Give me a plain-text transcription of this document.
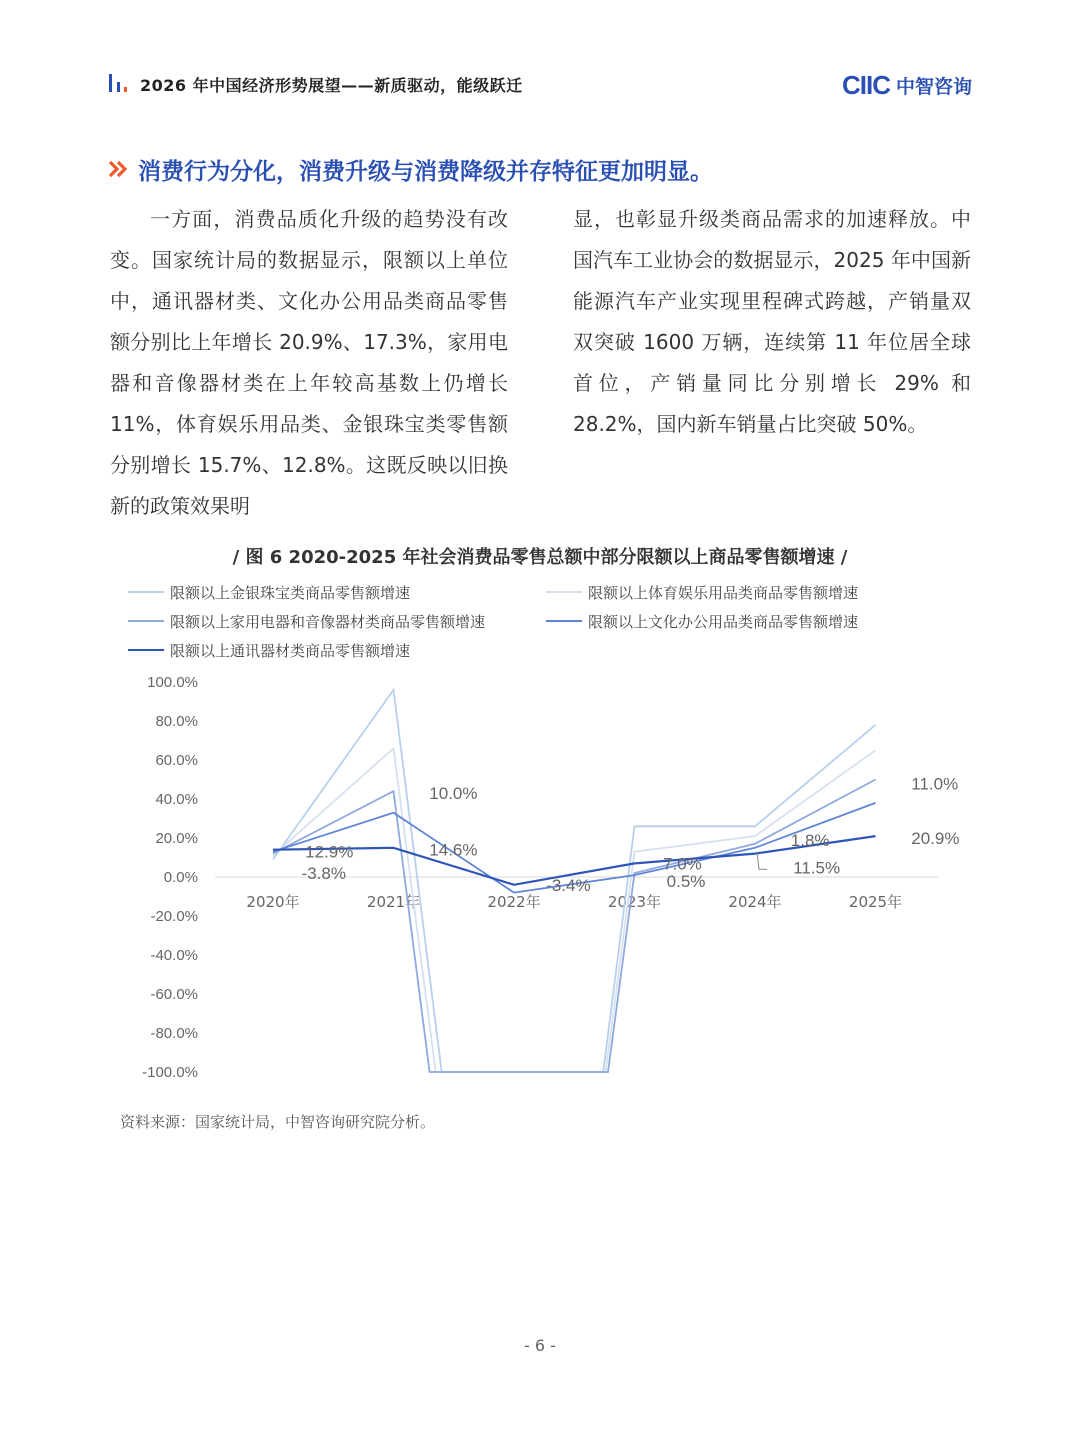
2026 年中国经济形势展望——新质驱动，能级跃迁	CIIC 中智咨询
消费行为分化，消费升级与消费降级并存特征更加明显。

一方面，消费品质化升级的趋势没有改变。国家统计局的数据显示，限额以上单位中，通讯器材类、文化办公用品类商品零售额分别比上年增长 20.9%、17.3%，家用电器和音像器材类在上年较高基数上仍增长 11%，体育娱乐用品类、金银珠宝类零售额分别增长 15.7%、12.8%。这既反映以旧换新的政策效果明

显，也彰显升级类商品需求的加速释放。中国汽车工业协会的数据显示，2025 年中国新能源汽车产业实现里程碑式跨越，产销量双双突破 1600 万辆，连续第 11 年位居全球首位，产销量同比分别增长 29% 和 28.2%，国内新车销量占比突破 50%。

/ 图 6 2020-2025 年社会消费品零售总额中部分限额以上商品零售额增速 /
限额以上金银珠宝类商品零售额增速	限额以上体育娱乐用品类商品零售额增速
限额以上家用电器和音像器材类商品零售额增速	限额以上文化办公用品类商品零售额增速
限额以上通讯器材类商品零售额增速
100.0%
80.0%
60.0%
40.0%
20.0%
0.0%
-20.0%
-40.0%
-60.0%
-80.0%
-100.0%
2020年	2021年	2022年	2023年	2024年	2025年
12.9%
-3.8%
10.0%
14.6%
-3.4%
7.0%
0.5%
1.8%
11.5%
11.0%
20.9%
资料来源：国家统计局，中智咨询研究院分析。
- 6 -
